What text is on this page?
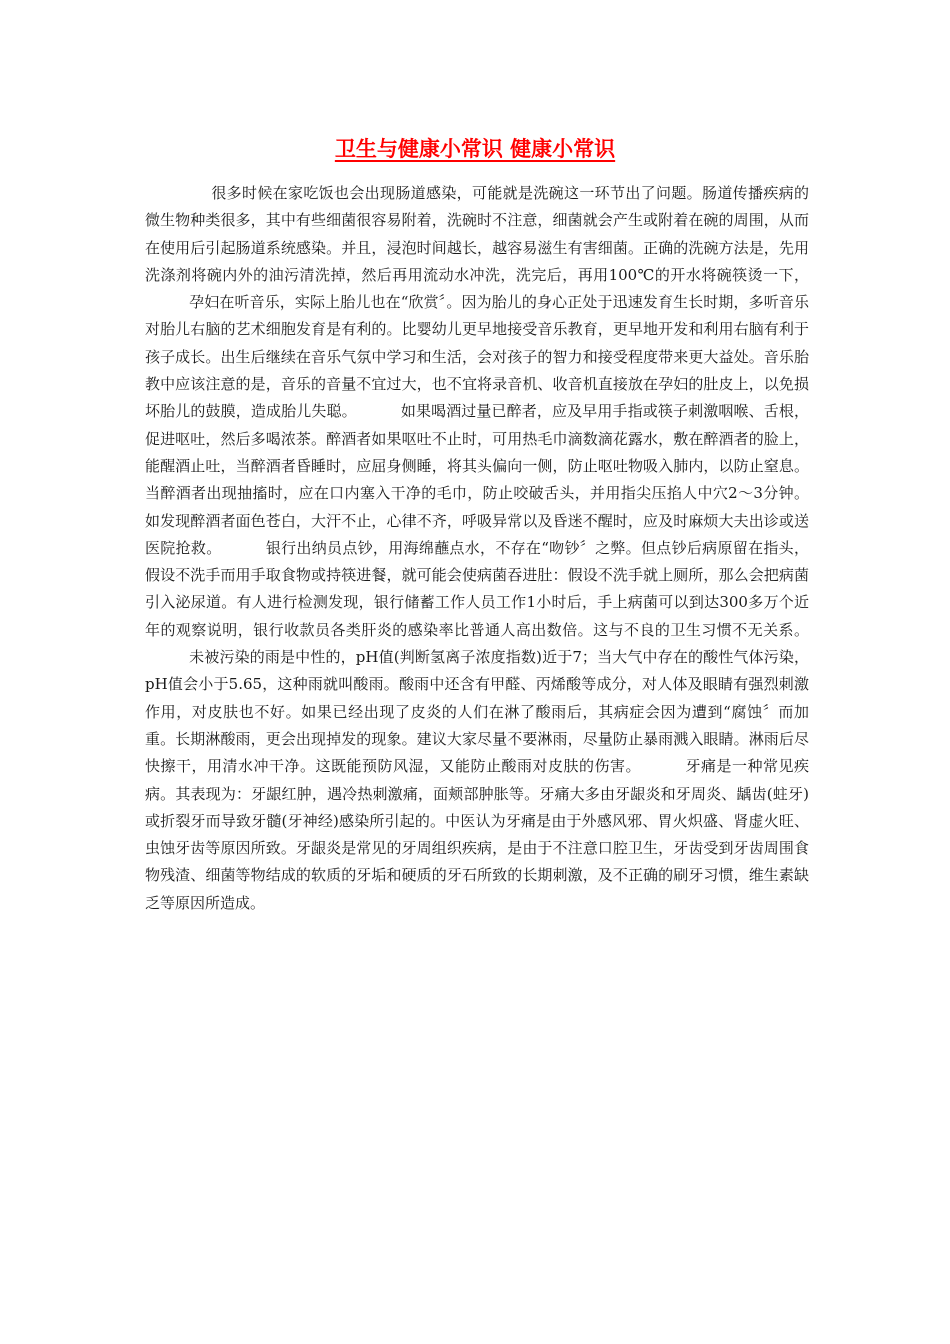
卫生与健康小常识 健康小常识

很多时候在家吃饭也会出现肠道感染，可能就是洗碗这一环节出了问题。肠道传播疾病的微生物种类很多，其中有些细菌很容易附着，洗碗时不注意，细菌就会产生或附着在碗的周围，从而在使用后引起肠道系统感染。并且，浸泡时间越长，越容易滋生有害细菌。正确的洗碗方法是，先用洗涤剂将碗内外的油污清洗掉，然后再用流动水冲洗，洗完后，再用100℃的开水将碗筷烫一下，孕妇在听音乐，实际上胎儿也在“欣赏〞。因为胎儿的身心正处于迅速发育生长时期，多听音乐对胎儿右脑的艺术细胞发育是有利的。比婴幼儿更早地接受音乐教育，更早地开发和利用右脑有利于孩子成长。出生后继续在音乐气氛中学习和生活，会对孩子的智力和接受程度带来更大益处。音乐胎教中应该注意的是，音乐的音量不宜过大，也不宜将录音机、收音机直接放在孕妇的肚皮上，以免损坏胎儿的鼓膜，造成胎儿失聪。	如果喝酒过量已醉者，应及早用手指或筷子刺激咽喉、舌根，促进呕吐，然后多喝浓茶。醉酒者如果呕吐不止时，可用热毛巾滴数滴花露水，敷在醉酒者的脸上，能醒酒止吐，当醉酒者昏睡时，应屈身侧睡，将其头偏向一侧，防止呕吐物吸入肺内，以防止窒息。当醉酒者出现抽搐时，应在口内塞入干净的毛巾，防止咬破舌头，并用指尖压掐人中穴2～3分钟。如发现醉酒者面色苍白，大汗不止，心律不齐，呼吸异常以及昏迷不醒时，应及时麻烦大夫出诊或送医院抢救。	银行出纳员点钞，用海绵蘸点水，不存在“吻钞〞之弊。但点钞后病原留在指头，假设不洗手而用手取食物或持筷进餐，就可能会使病菌吞进肚：假设不洗手就上厕所，那么会把病菌引入泌尿道。有人进行检测发现，银行储蓄工作人员工作1小时后，手上病菌可以到达300多万个近年的观察说明，银行收款员各类肝炎的感染率比普通人高出数倍。这与不良的卫生习惯不无关系。未被污染的雨是中性的，pH值(判断氢离子浓度指数)近于7；当大气中存在的酸性气体污染，pH值会小于5.65，这种雨就叫酸雨。酸雨中还含有甲醛、丙烯酸等成分，对人体及眼睛有强烈刺激作用，对皮肤也不好。如果已经出现了皮炎的人们在淋了酸雨后，其病症会因为遭到“腐蚀〞而加重。长期淋酸雨，更会出现掉发的现象。建议大家尽量不要淋雨，尽量防止暴雨溅入眼睛。淋雨后尽快擦干，用清水冲干净。这既能预防风湿，又能防止酸雨对皮肤的伤害。	牙痛是一种常见疾病。其表现为：牙龈红肿，遇冷热刺激痛，面颊部肿胀等。牙痛大多由牙龈炎和牙周炎、龋齿(蛀牙)或折裂牙而导致牙髓(牙神经)感染所引起的。中医认为牙痛是由于外感风邪、胃火炽盛、肾虚火旺、虫蚀牙齿等原因所致。牙龈炎是常见的牙周组织疾病，是由于不注意口腔卫生，牙齿受到牙齿周围食物残渣、细菌等物结成的软质的牙垢和硬质的牙石所致的长期刺激，及不正确的刷牙习惯，维生素缺乏等原因所造成。
